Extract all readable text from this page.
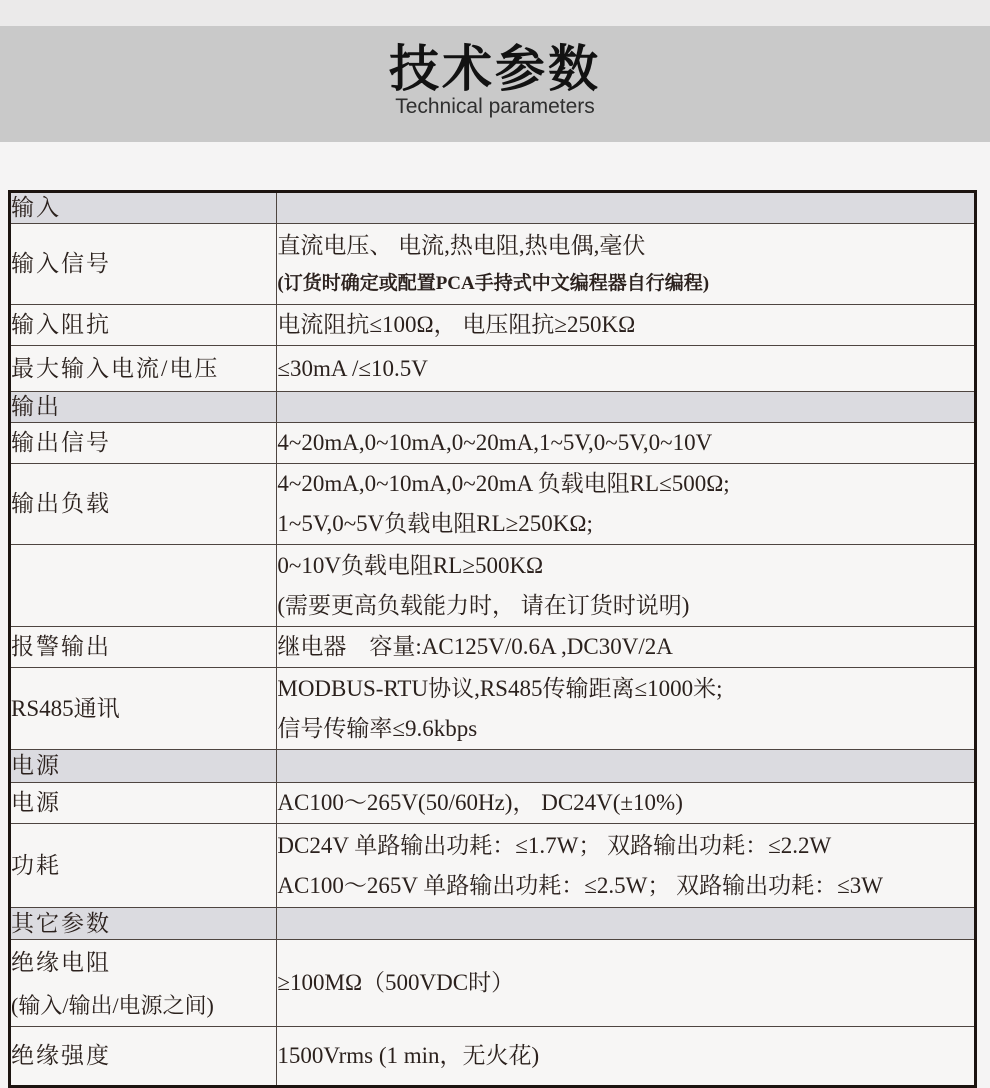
技术参数
Technical parameters
输入	

输入信号	直流电压、 电流,热电阻,热电偶,毫伏
(订货时确定或配置PCA手持式中文编程器自行编程)

输入阻抗	电流阻抗≤100Ω， 电压阻抗≥250KΩ

最大输入电流/电压	≤30mA /≤10.5V

输出	

输出信号	4~20mA,0~10mA,0~20mA,1~5V,0~5V,0~10V

输出负载	4~20mA,0~10mA,0~20mA 负载电阻RL≤500Ω;
1~5V,0~5V负载电阻RL≥250KΩ;

	0~10V负载电阻RL≥500KΩ
(需要更高负载能力时， 请在订货时说明)

报警输出	继电器　容量:AC125V/0.6A ,DC30V/2A

RS485通讯	MODBUS-RTU协议,RS485传输距离≤1000米;
信号传输率≤9.6kbps

电源	

电源	AC100～265V(50/60Hz)， DC24V(±10%)

功耗	DC24V 单路输出功耗：≤1.7W； 双路输出功耗：≤2.2W
AC100～265V 单路输出功耗：≤2.5W； 双路输出功耗：≤3W

其它参数	

绝缘电阻
(输入/输出/电源之间)	≥100MΩ（500VDC时）

绝缘强度	1500Vrms (1 min，无火花)
